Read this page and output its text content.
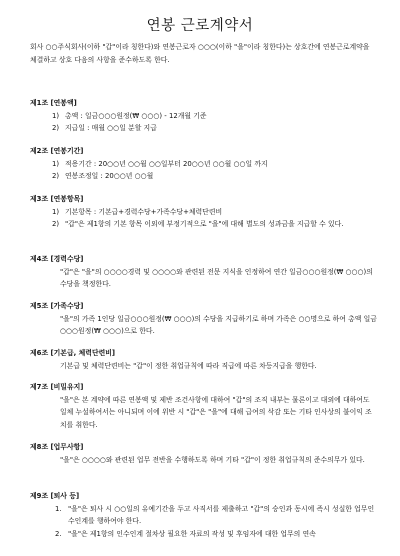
연봉 근로계약서
회사 ○○주식회사(이하 "갑"이라 칭한다)와 연봉근로자 ○○○(이하 "을"이라 칭한다)는 상호간에 연봉근로계약을 체결하고 상호 다음의 사항을 준수하도록 한다.
제1조 [연봉액]
1) 총액 : 일금○○○원정(₩ ○○○) - 12개월 기준
2) 지급일 : 매월 ○○일 분할 지급
제2조 [연봉기간]
1) 적용기간 : 20○○년 ○○월 ○○일부터 20○○년 ○○월 ○○일 까지
2) 연봉조정일 : 20○○년 ○○월
제3조 [연봉항목]
1) 기본항목 : 기본급+경력수당+가족수당+체력단련비
2) "갑"은 제1항의 기본 항목 이외에 부정기적으로 "을"에 대해 별도의 성과금을 지급할 수 있다.
제4조 [경력수당]
"갑"은 "을"의 ○○○○경력 및 ○○○○와 관련된 전문 지식을 인정하여 연간 일금○○○원정(₩ ○○○)의 수당을 책정한다.
제5조 [가족수당]
"을"의 가족 1인당 일금○○○원정(₩ ○○○)의 수당을 지급하기로 하며 가족은 ○○명으로 하여 총액 일금○○○원정(₩ ○○○)으로 한다.
제6조 [기본급, 체력단련비]
기본급 및 체력단련비는 "갑"이 정한 취업규칙에 따라 직급에 따른 차등지급을 행한다.
제7조 [비밀유지]
"을"은 본 계약에 따른 연봉액 및 제반 조건사항에 대하여 "갑"의 조직 내부는 물론이고 대외에 대하여도 일체 누설하여서는 아니되며 이에 위반 시 "갑"은 "을"에 대해 급여의 삭감 또는 기타 인사상의 불이익 조치를 취한다.
제8조 [업무사항]
"을"은 ○○○○와 관련된 업무 전반을 수행하도록 하며 기타 "갑"이 정한 취업규칙의 준수의무가 있다.
제9조 [퇴사 등]
1. "을"은 퇴사 시 ○○일의 유예기간을 두고 사직서를 제출하고 "갑"의 승인과 동시에 즉시 성실한 업무인수인계를 행하여야 한다.
2. "을"은 제1항의 인수인계 절차상 필요한 자료의 작성 및 후임자에 대한 업무의 연속
